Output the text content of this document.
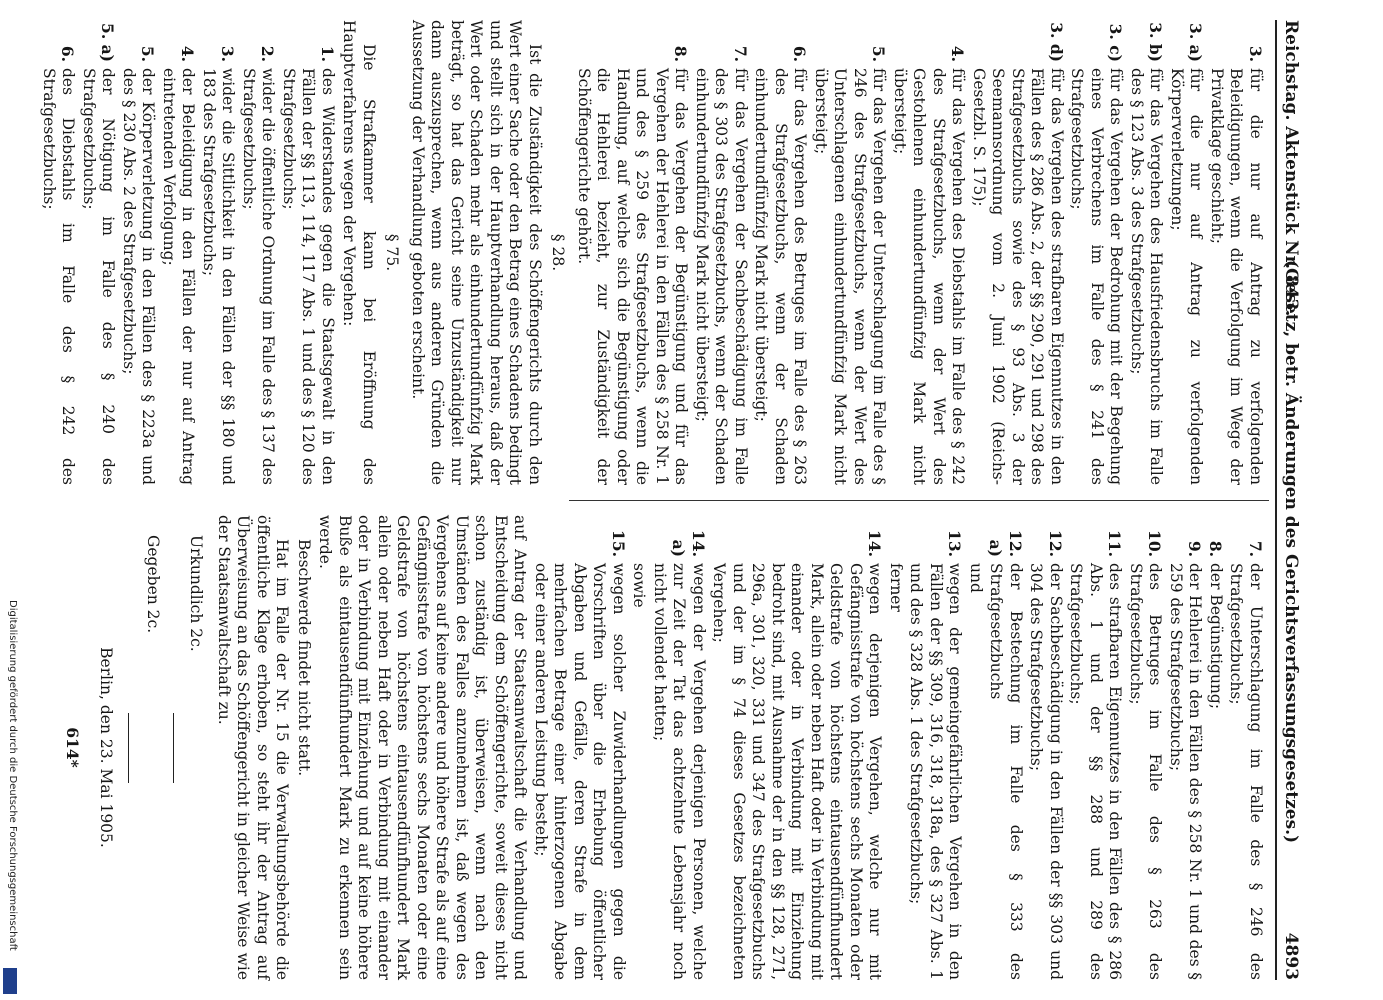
Reichstag. Aktenstück Nr. 843.
(Gesetz, betr. Änderungen des Gerichtsverfassungsgesetzes.)
4893
3.
für die nur auf Antrag zu verfolgenden Beleidigungen, wenn die Verfolgung im Wege der Privatklage geschieht;
3. a)
für die nur auf Antrag zu verfolgenden Körperverletzungen;
3. b)
für das Vergehen des Hausfriedensbruchs im Falle des § 123 Abs. 3 des Strafgesetzbuchs;
3. c)
für das Vergehen der Bedrohung mit der Begehung eines Verbrechens im Falle des § 241 des Strafgesetzbuchs;
3. d)
für das Vergehen des strafbaren Eigennutzes in den Fällen des § 286 Abs. 2, der §§ 290, 291 und 298 des Strafgesetzbuchs sowie des § 93 Abs. 3 der Seemannsordnung vom 2. Juni 1902 (Reichs-Gesetzbl. S. 175);
4.
für das Vergehen des Diebstahls im Falle des § 242 des Strafgesetzbuchs, wenn der Wert des Gestohlenen einhundertundfünfzig Mark nicht übersteigt;
5.
für das Vergehen der Unterschlagung im Falle des § 246 des Strafgesetzbuchs, wenn der Wert des Unterschlagenen einhundertundfünfzig Mark nicht übersteigt;
6.
für das Vergehen des Betruges im Falle des § 263 des Strafgesetzbuchs, wenn der Schaden einhundertundfünfzig Mark nicht übersteigt;
7.
für das Vergehen der Sachbeschädigung im Falle des § 303 des Strafgesetzbuchs, wenn der Schaden einhundertundfünfzig Mark nicht übersteigt;
8.
für das Vergehen der Begünstigung und für das Vergehen der Hehlerei in den Fällen des § 258 Nr. 1 und des § 259 des Strafgesetzbuchs, wenn die Handlung, auf welche sich die Begünstigung oder die Hehlerei bezieht, zur Zuständigkeit der Schöffengerichte gehört.
§ 28.
Ist die Zuständigkeit des Schöffengerichts durch den Wert einer Sache oder den Betrag eines Schadens bedingt und stellt sich in der Hauptverhandlung heraus, daß der Wert oder Schaden mehr als einhundertundfünfzig Mark beträgt, so hat das Gericht seine Unzuständigkeit nur dann auszusprechen, wenn aus anderen Gründen die Aussetzung der Verhandlung geboten erscheint.
§ 75.
Die Strafkammer kann bei Eröffnung des Hauptverfahrens wegen der Vergehen:
1.
des Widerstandes gegen die Staatsgewalt in den Fällen der §§ 113, 114, 117 Abs. 1 und des § 120 des Strafgesetzbuchs;
2.
wider die öffentliche Ordnung im Falle des § 137 des Strafgesetzbuchs;
3.
wider die Sittlichkeit in den Fällen der §§ 180 und 183 des Strafgesetzbuchs;
4.
der Beleidigung in den Fällen der nur auf Antrag eintretenden Verfolgung;
5.
der Körperverletzung in den Fällen des § 223a und des § 230 Abs. 2 des Strafgesetzbuchs;
5. a)
der Nötigung im Falle des § 240 des Strafgesetzbuchs;
6.
des Diebstahls im Falle des § 242 des Strafgesetzbuchs;
7.
der Unterschlagung im Falle des § 246 des Strafgesetzbuchs;
8.
der Begünstigung;
9.
der Hehlerei in den Fällen des § 258 Nr. 1 und des § 259 des Strafgesetzbuchs;
10.
des Betruges im Falle des § 263 des Strafgesetzbuchs;
11.
des strafbaren Eigennutzes in den Fällen des § 286 Abs. 1 und der §§ 288 und 289 des Strafgesetzbuchs;
12.
der Sachbeschädigung in den Fällen der §§ 303 und 304 des Strafgesetzbuchs;
12. a)
der Bestechung im Falle des § 333 des Strafgesetzbuchs
und
13.
wegen der gemeingefährlichen Vergehen in den Fällen der §§ 309, 316, 318, 318a, des § 327 Abs. 1 und des § 328 Abs. 1 des Strafgesetzbuchs;
ferner
14.
wegen derjenigen Vergehen, welche nur mit Gefängnisstrafe von höchstens sechs Monaten oder Geldstrafe von höchstens eintausendfünfhundert Mark, allein oder neben Haft oder in Verbindung mit einander oder in Verbindung mit Einziehung bedroht sind, mit Ausnahme der in den §§ 128, 271, 296a, 301, 320, 331 und 347 des Strafgesetzbuchs und der im § 74 dieses Gesetzes bezeichneten Vergehen;
14. a)
wegen der Vergehen derjenigen Personen, welche zur Zeit der Tat das achtzehnte Lebensjahr noch nicht vollendet hatten;
sowie
15.
wegen solcher Zuwiderhandlungen gegen die Vorschriften über die Erhebung öffentlicher Abgaben und Gefälle, deren Strafe in dem mehrfachen Betrage einer hinterzogenen Abgabe oder einer anderen Leistung besteht;
auf Antrag der Staatsanwaltschaft die Verhandlung und Entscheidung dem Schöffengerichte, soweit dieses nicht schon zuständig ist, überweisen, wenn nach den Umständen des Falles anzunehmen ist, daß wegen des Vergehens auf keine andere und höhere Strafe als auf eine Gefängnisstrafe von höchstens sechs Monaten oder eine Geldstrafe von höchstens eintausendfünfhundert Mark allein oder neben Haft oder in Verbindung mit einander oder in Verbindung mit Einziehung und auf keine höhere Buße als eintausendfünfhundert Mark zu erkennen sein werde.
Beschwerde findet nicht statt.
Hat im Falle der Nr. 15 die Verwaltungsbehörde die öffentliche Klage erhoben, so steht ihr der Antrag auf Überweisung an das Schöffengericht in gleicher Weise wie der Staatsanwaltschaft zu.
Urkundlich 2c.
Gegeben 2c.
Berlin, den 23. Mai 1905.
614*
Digitalisierung gefördert durch die Deutsche Forschungsgemeinschaft
